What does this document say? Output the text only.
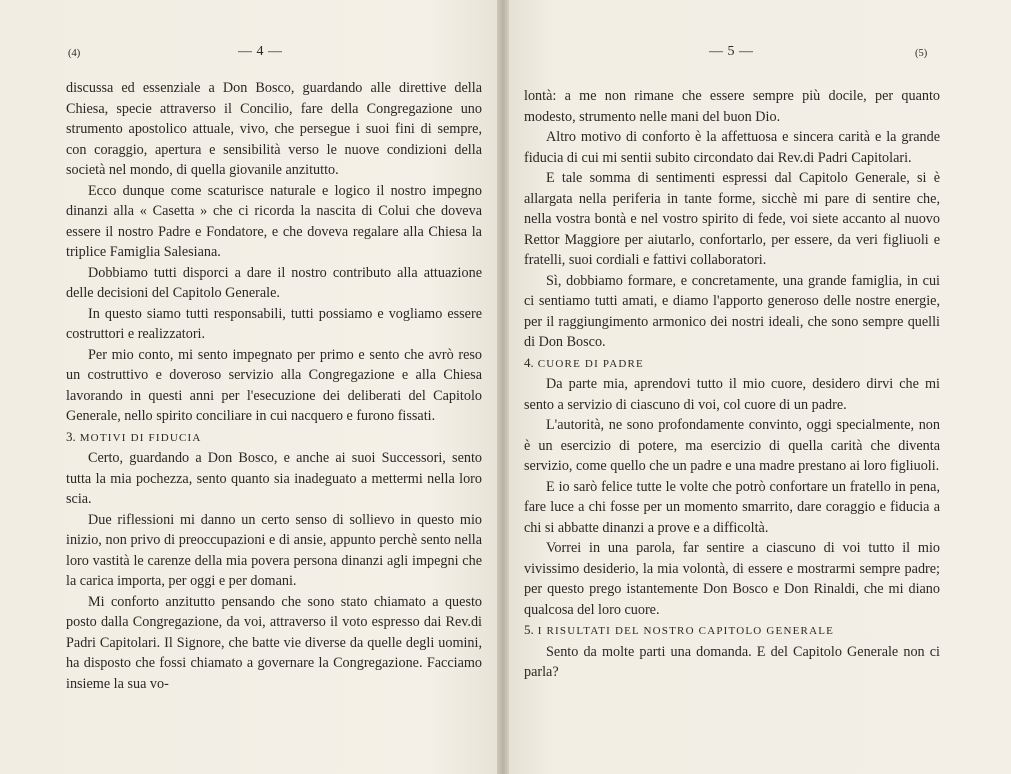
(4)	— 4 —

discussa ed essenziale a Don Bosco, guardando alle direttive della Chiesa, specie attraverso il Concilio, fare della Congregazione uno strumento apostolico attuale, vivo, che persegue i suoi fini di sempre, con coraggio, apertura e sensibilità verso le nuove condizioni della società nel mondo, di quella giovanile anzitutto.

Ecco dunque come scaturisce naturale e logico il nostro impegno dinanzi alla « Casetta » che ci ricorda la nascita di Colui che doveva essere il nostro Padre e Fondatore, e che doveva regalare alla Chiesa la triplice Famiglia Salesiana.

Dobbiamo tutti disporci a dare il nostro contributo alla attuazione delle decisioni del Capitolo Generale.

In questo siamo tutti responsabili, tutti possiamo e vogliamo essere costruttori e realizzatori.

Per mio conto, mi sento impegnato per primo e sento che avrò reso un costruttivo e doveroso servizio alla Congregazione e alla Chiesa lavorando in questi anni per l'esecuzione dei deliberati del Capitolo Generale, nello spirito conciliare in cui nacquero e furono fissati.

3. MOTIVI DI FIDUCIA

Certo, guardando a Don Bosco, e anche ai suoi Successori, sento tutta la mia pochezza, sento quanto sia inadeguato a mettermi nella loro scia.

Due riflessioni mi danno un certo senso di sollievo in questo mio inizio, non privo di preoccupazioni e di ansie, appunto perchè sento nella loro vastità le carenze della mia povera persona dinanzi agli impegni che la carica importa, per oggi e per domani.

Mi conforto anzitutto pensando che sono stato chiamato a questo posto dalla Congregazione, da voi, attraverso il voto espresso dai Rev.di Padri Capitolari. Il Signore, che batte vie diverse da quelle degli uomini, ha disposto che fossi chiamato a governare la Congregazione. Facciamo insieme la sua vo-

— 5 —	(5)

lontà: a me non rimane che essere sempre più docile, per quanto modesto, strumento nelle mani del buon Dio.

Altro motivo di conforto è la affettuosa e sincera carità e la grande fiducia di cui mi sentii subito circondato dai Rev.di Padri Capitolari.

E tale somma di sentimenti espressi dal Capitolo Generale, si è allargata nella periferia in tante forme, sicchè mi pare di sentire che, nella vostra bontà e nel vostro spirito di fede, voi siete accanto al nuovo Rettor Maggiore per aiutarlo, confortarlo, per essere, da veri figliuoli e fratelli, suoi cordiali e fattivi collaboratori.

Sì, dobbiamo formare, e concretamente, una grande famiglia, in cui ci sentiamo tutti amati, e diamo l'apporto generoso delle nostre energie, per il raggiungimento armonico dei nostri ideali, che sono sempre quelli di Don Bosco.

4. CUORE DI PADRE

Da parte mia, aprendovi tutto il mio cuore, desidero dirvi che mi sento a servizio di ciascuno di voi, col cuore di un padre.

L'autorità, ne sono profondamente convinto, oggi specialmente, non è un esercizio di potere, ma esercizio di quella carità che diventa servizio, come quello che un padre e una madre prestano ai loro figliuoli.

E io sarò felice tutte le volte che potrò confortare un fratello in pena, fare luce a chi fosse per un momento smarrito, dare coraggio e fiducia a chi si abbatte dinanzi a prove e a difficoltà.

Vorrei in una parola, far sentire a ciascuno di voi tutto il mio vivissimo desiderio, la mia volontà, di essere e mostrarmi sempre padre; per questo prego istantemente Don Bosco e Don Rinaldi, che mi diano qualcosa del loro cuore.

5. I RISULTATI DEL NOSTRO CAPITOLO GENERALE

Sento da molte parti una domanda. E del Capitolo Generale non ci parla?
